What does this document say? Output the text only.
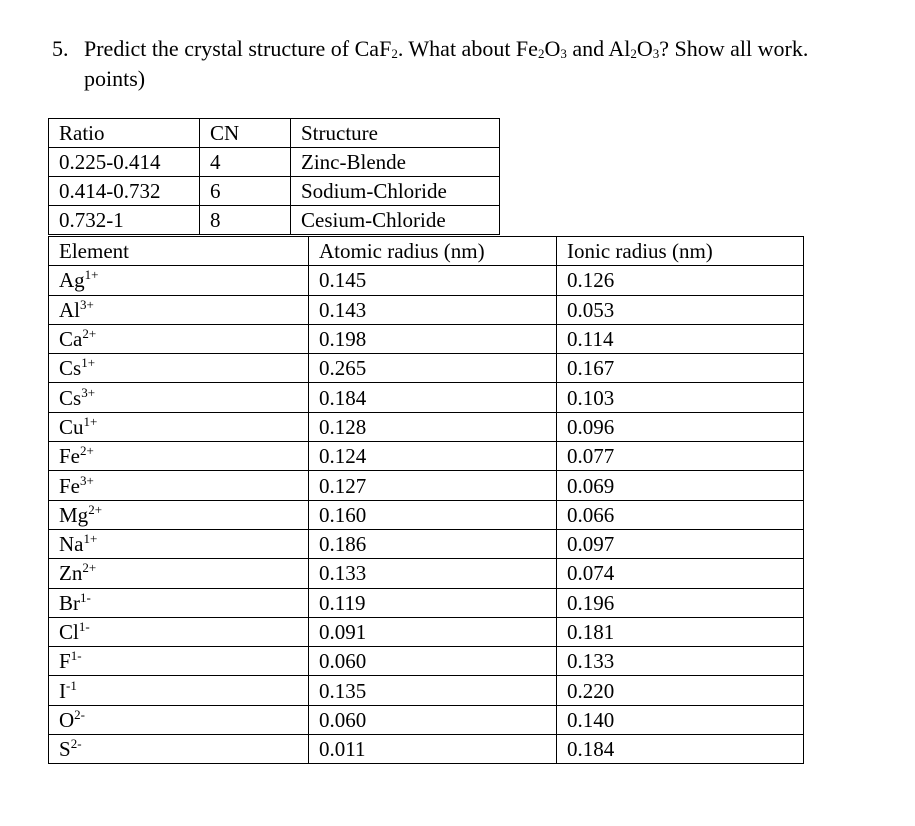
5. Predict the crystal structure of CaF$_2$. What about $Fe_2O_3$ and $Al_2O_3$? Show all work.
points)
Ratio	CN	Structure
0.225-0.414	4	Zinc-Blende
0.414-0.732	6	Sodium-Chloride
0.732-1	8	Cesium-Chloride
Element	Atomic radius (nm)	Ionic radius (nm)
$Ag^{1+}$	0.145	0.126
$Al^{3+}$	0.143	0.053
$Ca^{2+}$	0.198	0.114
$Cs^{1+}$	0.265	0.167
$Cs^{3+}$	0.184	0.103
$Cu^{1+}$	0.128	0.096
$Fe^{2+}$	0.124	0.077
$Fe^{3+}$	0.127	0.069
$Mg^{2+}$	0.160	0.066
$Na^{1+}$	0.186	0.097
$Zn^{2+}$	0.133	0.074
$Br^{1-}$	0.119	0.196
$Cl^{1-}$	0.091	0.181
$F^{1-}$	0.060	0.133
$I^{-1}$	0.135	0.220
$O^{2-}$	0.060	0.140
$S^{2-}$	0.011	0.184
